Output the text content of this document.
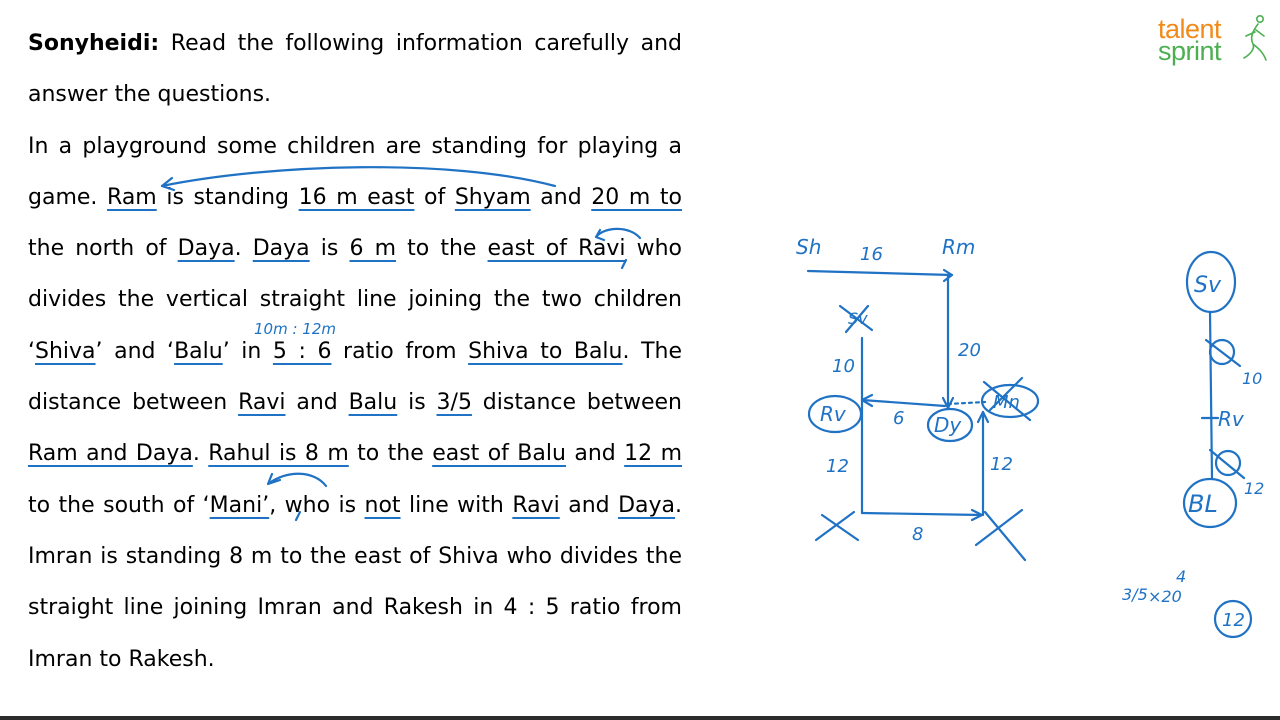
Sonyheidi: Read the following information carefully and answer the questions.

In a playground some children are standing for playing a game. Ram is standing 16 m east of Shyam and 20 m to the north of Daya. Daya is 6 m to the east of Ravi who divides the vertical straight line joining the two children ‘Shiva’ and ‘Balu’ in 5 : 6 ratio from Shiva to Balu. The distance between Ravi and Balu is 3/5 distance between Ram and Daya. Rahul is 8 m to the east of Balu and 12 m to the south of ‘Mani’, who is not line with Ravi and Daya. Imran is standing 8 m to the east of Shiva who divides the straight line joining Imran and Rakesh in 4 : 5 ratio from Imran to Rakesh.

talent
sprint
10m : 12m
Sh 16	Rm
Sv
10
20
Rv	6 Dy
Mn
12	12
8
Sv
10
Rv
12
BL
4
3/5 ×20
12
